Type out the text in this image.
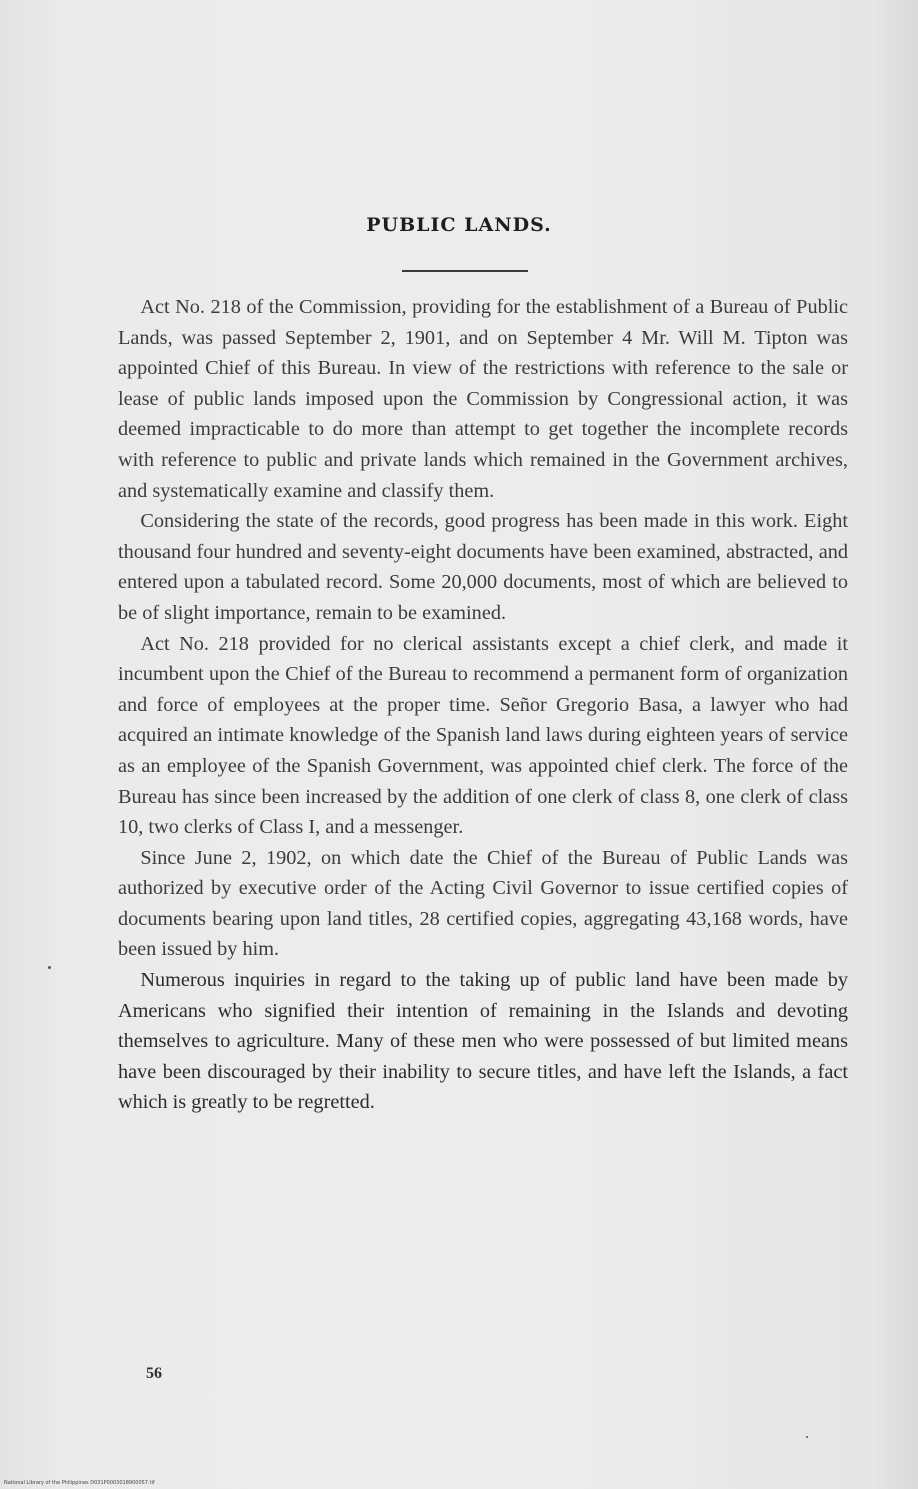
PUBLIC LANDS.

Act No. 218 of the Commission, providing for the establishment of a Bureau of Public Lands, was passed September 2, 1901, and on September 4 Mr. Will M. Tipton was appointed Chief of this Bureau. In view of the restrictions with reference to the sale or lease of public lands imposed upon the Commission by Congressional action, it was deemed impracticable to do more than attempt to get together the incomplete records with reference to public and private lands which remained in the Government archives, and systematically examine and classify them.

Considering the state of the records, good progress has been made in this work. Eight thousand four hundred and seventy-eight documents have been examined, abstracted, and entered upon a tabulated record. Some 20,000 documents, most of which are believed to be of slight importance, remain to be examined.

Act No. 218 provided for no clerical assistants except a chief clerk, and made it incumbent upon the Chief of the Bureau to recommend a permanent form of organization and force of employees at the proper time. Señor Gregorio Basa, a lawyer who had acquired an intimate knowledge of the Spanish land laws during eighteen years of service as an employee of the Spanish Government, was appointed chief clerk. The force of the Bureau has since been increased by the addition of one clerk of class 8, one clerk of class 10, two clerks of Class I, and a messenger.

Since June 2, 1902, on which date the Chief of the Bureau of Public Lands was authorized by executive order of the Acting Civil Governor to issue certified copies of documents bearing upon land titles, 28 certified copies, aggregating 43,168 words, have been issued by him.

Numerous inquiries in regard to the taking up of public land have been made by Americans who signified their intention of remaining in the Islands and devoting themselves to agriculture. Many of these men who were possessed of but limited means have been discouraged by their inability to secure titles, and have left the Islands, a fact which is greatly to be regretted.

56
National Library of the Philippines D031P0003018900057.tif
